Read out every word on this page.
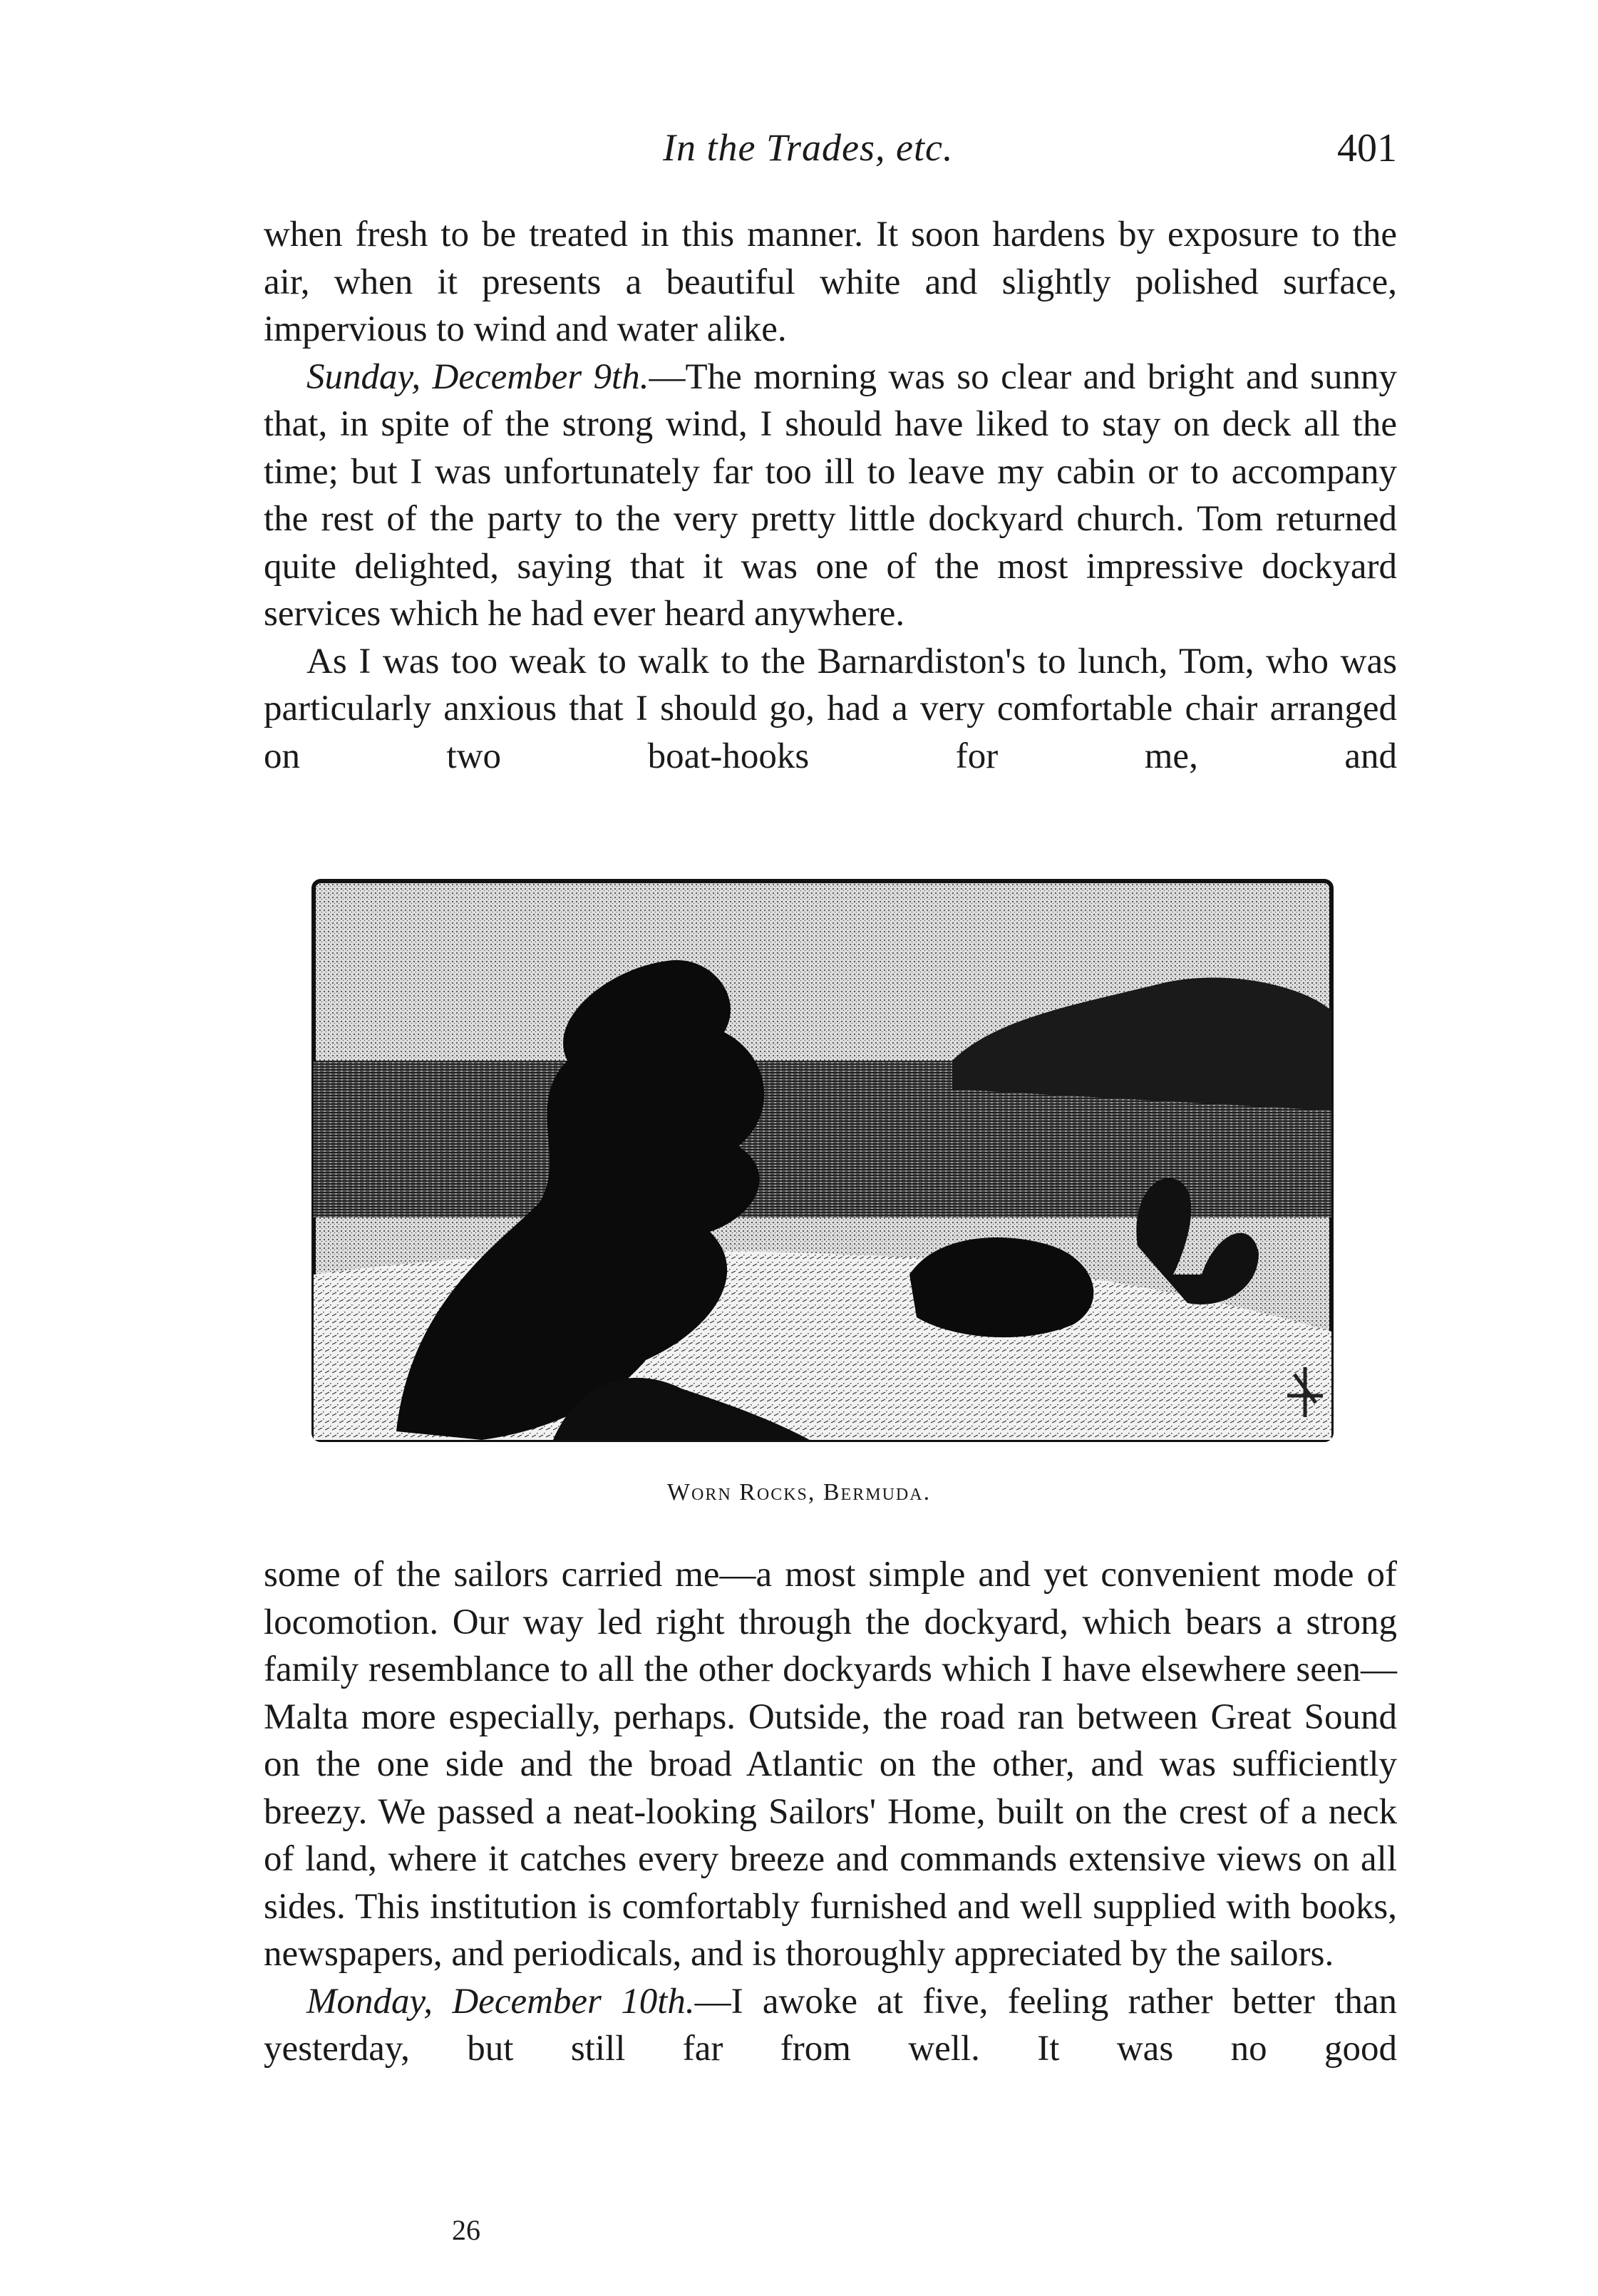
In the Trades, etc.	401

when fresh to be treated in this manner. It soon hardens by exposure to the air, when it presents a beautiful white and slightly polished surface, impervious to wind and water alike.

Sunday, December 9th.—The morning was so clear and bright and sunny that, in spite of the strong wind, I should have liked to stay on deck all the time; but I was unfortunately far too ill to leave my cabin or to accompany the rest of the party to the very pretty little dockyard church. Tom returned quite delighted, saying that it was one of the most impressive dockyard services which he had ever heard anywhere.

As I was too weak to walk to the Barnardiston's to lunch, Tom, who was particularly anxious that I should go, had a very comfortable chair arranged on two boat-hooks for me, and

Worn Rocks, Bermuda.

some of the sailors carried me—a most simple and yet convenient mode of locomotion. Our way led right through the dockyard, which bears a strong family resemblance to all the other dockyards which I have elsewhere seen—Malta more especially, perhaps. Outside, the road ran between Great Sound on the one side and the broad Atlantic on the other, and was sufficiently breezy. We passed a neat-looking Sailors' Home, built on the crest of a neck of land, where it catches every breeze and commands extensive views on all sides. This institution is comfortably furnished and well supplied with books, newspapers, and periodicals, and is thoroughly appreciated by the sailors.

Monday, December 10th.—I awoke at five, feeling rather better than yesterday, but still far from well. It was no good

26
